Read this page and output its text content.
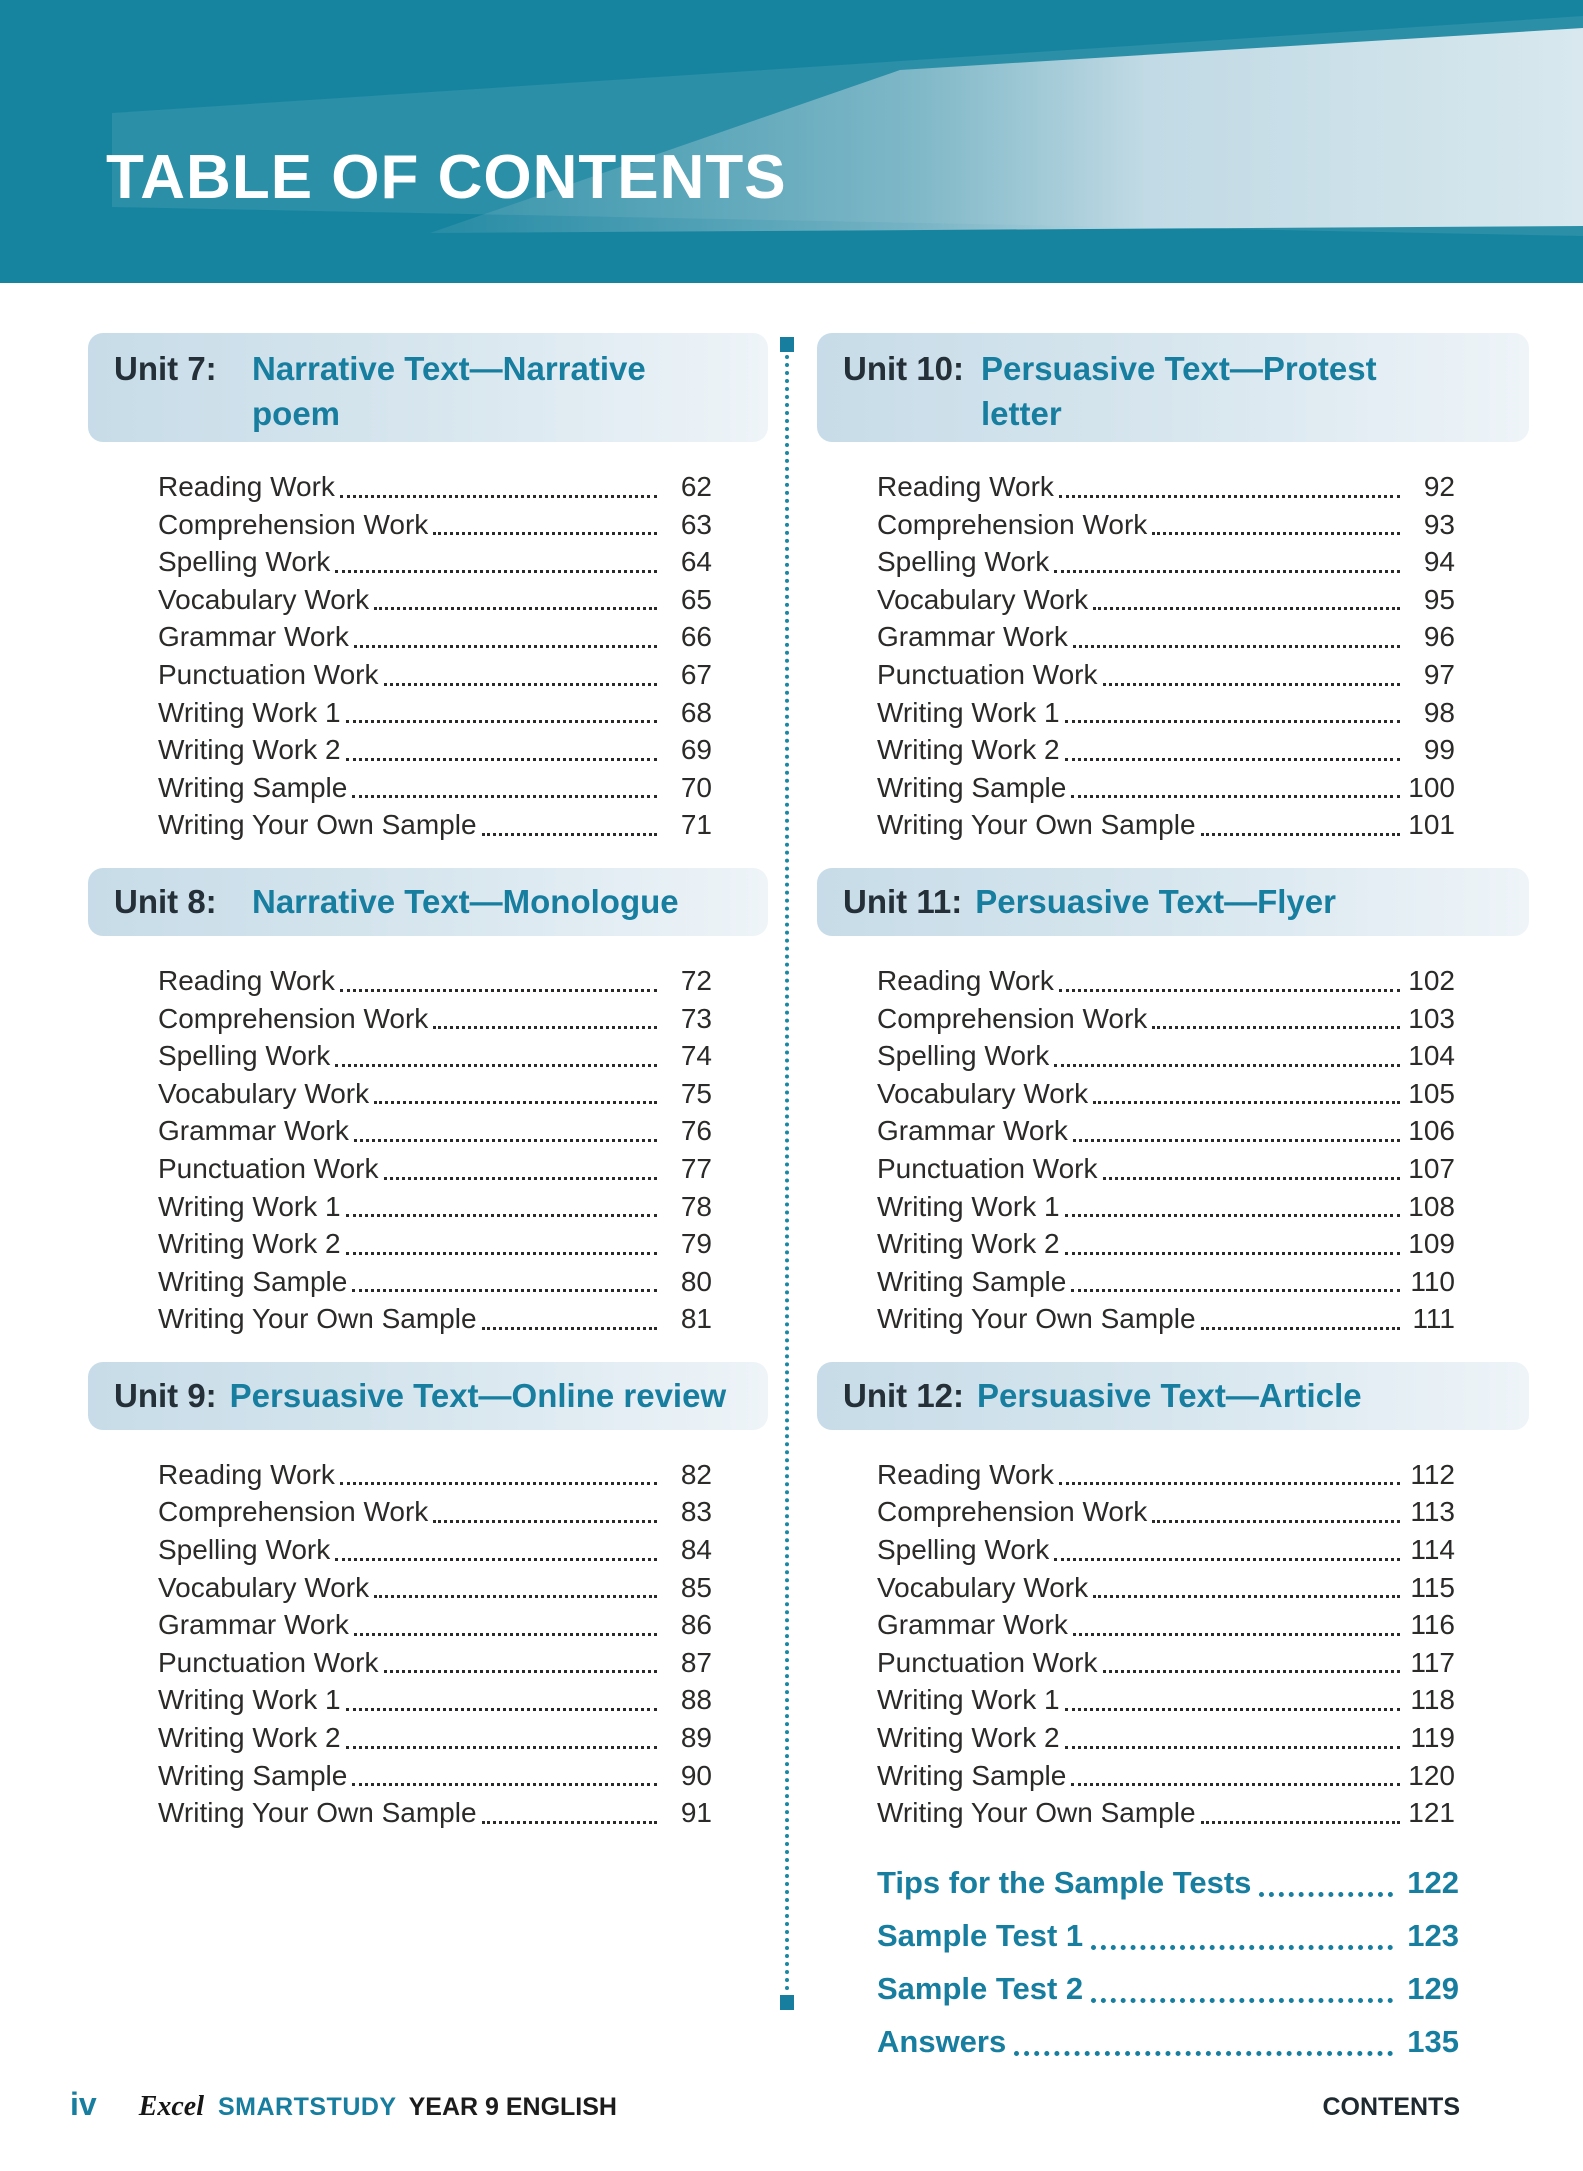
TABLE OF CONTENTS
Unit 7:	Narrative Text—Narrative poem
Reading Work	62
Comprehension Work	63
Spelling Work	64
Vocabulary Work	65
Grammar Work	66
Punctuation Work	67
Writing Work 1	68
Writing Work 2	69
Writing Sample	70
Writing Your Own Sample	71
Unit 8:	Narrative Text—Monologue
Reading Work	72
Comprehension Work	73
Spelling Work	74
Vocabulary Work	75
Grammar Work	76
Punctuation Work	77
Writing Work 1	78
Writing Work 2	79
Writing Sample	80
Writing Your Own Sample	81
Unit 9: Persuasive Text—Online review
Reading Work	82
Comprehension Work	83
Spelling Work	84
Vocabulary Work	85
Grammar Work	86
Punctuation Work	87
Writing Work 1	88
Writing Work 2	89
Writing Sample	90
Writing Your Own Sample	91
Unit 10: Persuasive Text—Protest letter
Reading Work	92
Comprehension Work	93
Spelling Work	94
Vocabulary Work	95
Grammar Work	96
Punctuation Work	97
Writing Work 1	98
Writing Work 2	99
Writing Sample	100
Writing Your Own Sample	101
Unit 11: Persuasive Text—Flyer
Reading Work	102
Comprehension Work	103
Spelling Work	104
Vocabulary Work	105
Grammar Work	106
Punctuation Work	107
Writing Work 1	108
Writing Work 2	109
Writing Sample	110
Writing Your Own Sample	111
Unit 12: Persuasive Text—Article
Reading Work	112
Comprehension Work	113
Spelling Work	114
Vocabulary Work	115
Grammar Work	116
Punctuation Work	117
Writing Work 1	118
Writing Work 2	119
Writing Sample	120
Writing Your Own Sample	121
Tips for the Sample Tests	122
Sample Test 1	123
Sample Test 2	129
Answers	135
iv Excel SMARTSTUDY YEAR 9 ENGLISH	CONTENTS
